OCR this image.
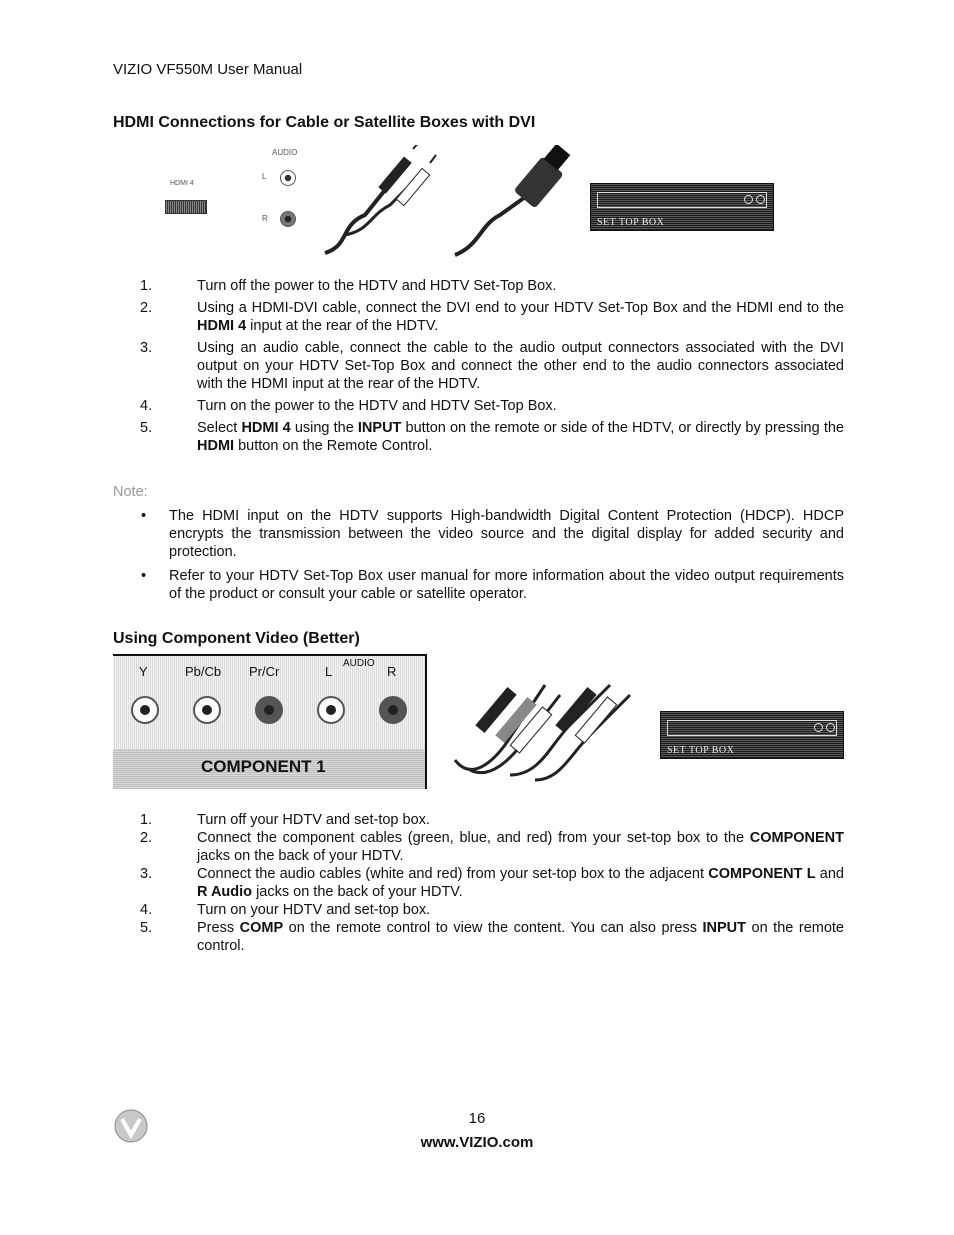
VIZIO VF550M User Manual
HDMI Connections for Cable or Satellite Boxes with DVI
HDMI 4
AUDIO
L
R	SET TOP BOX
1.	Turn off the power to the HDTV and HDTV Set-Top Box.
2.	Using a HDMI-DVI cable, connect the DVI end to your HDTV Set-Top Box and the HDMI end to the HDMI 4 input at the rear of the HDTV.
3.	Using an audio cable, connect the cable to the audio output connectors associated with the DVI output on your HDTV Set-Top Box and connect the other end to the audio connectors associated with the HDMI input at the rear of the HDTV.
4.	Turn on the power to the HDTV and HDTV Set-Top Box.
5.	Select HDMI 4 using the INPUT button on the remote or side of the HDTV, or directly by pressing the HDMI button on the Remote Control.
Note:
•	The HDMI input on the HDTV supports High-bandwidth Digital Content Protection (HDCP). HDCP encrypts the transmission between the video source and the digital display for added security and protection.
•	Refer to your HDTV Set-Top Box user manual for more information about the video output requirements of the product or consult your cable or satellite operator.
Using Component Video (Better)
Y	Pb/Cb Pr/Cr
AUDIO
L	R
COMPONENT 1
SET TOP BOX
1.	Turn off your HDTV and set-top box.
2.	Connect the component cables (green, blue, and red) from your set-top box to the COMPONENT jacks on the back of your HDTV.
3.	Connect the audio cables (white and red) from your set-top box to the adjacent COMPONENT L and R Audio jacks on the back of your HDTV.
4.	Turn on your HDTV and set-top box.
5.	Press COMP on the remote control to view the content. You can also press INPUT on the remote control.
16
www.VIZIO.com
